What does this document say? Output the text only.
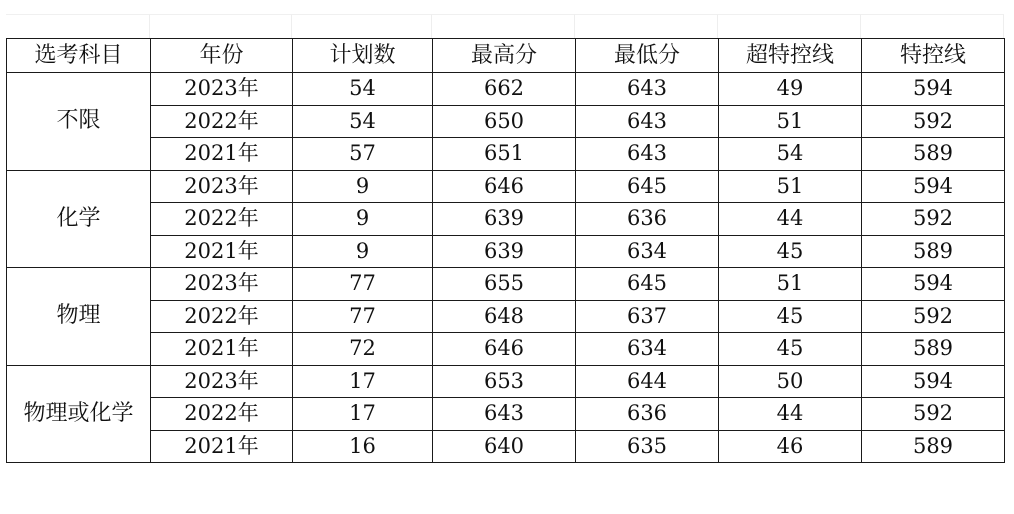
选考科目	年份	计划数	最高分	最低分	超特控线	特控线
不限	2023年	54	662	643	49	594
	2022年	54	650	643	51	592
	2021年	57	651	643	54	589
化学	2023年	9	646	645	51	594
	2022年	9	639	636	44	592
	2021年	9	639	634	45	589
物理	2023年	77	655	645	51	594
	2022年	77	648	637	45	592
	2021年	72	646	634	45	589
物理或化学	2023年	17	653	644	50	594
	2022年	17	643	636	44	592
	2021年	16	640	635	46	589
